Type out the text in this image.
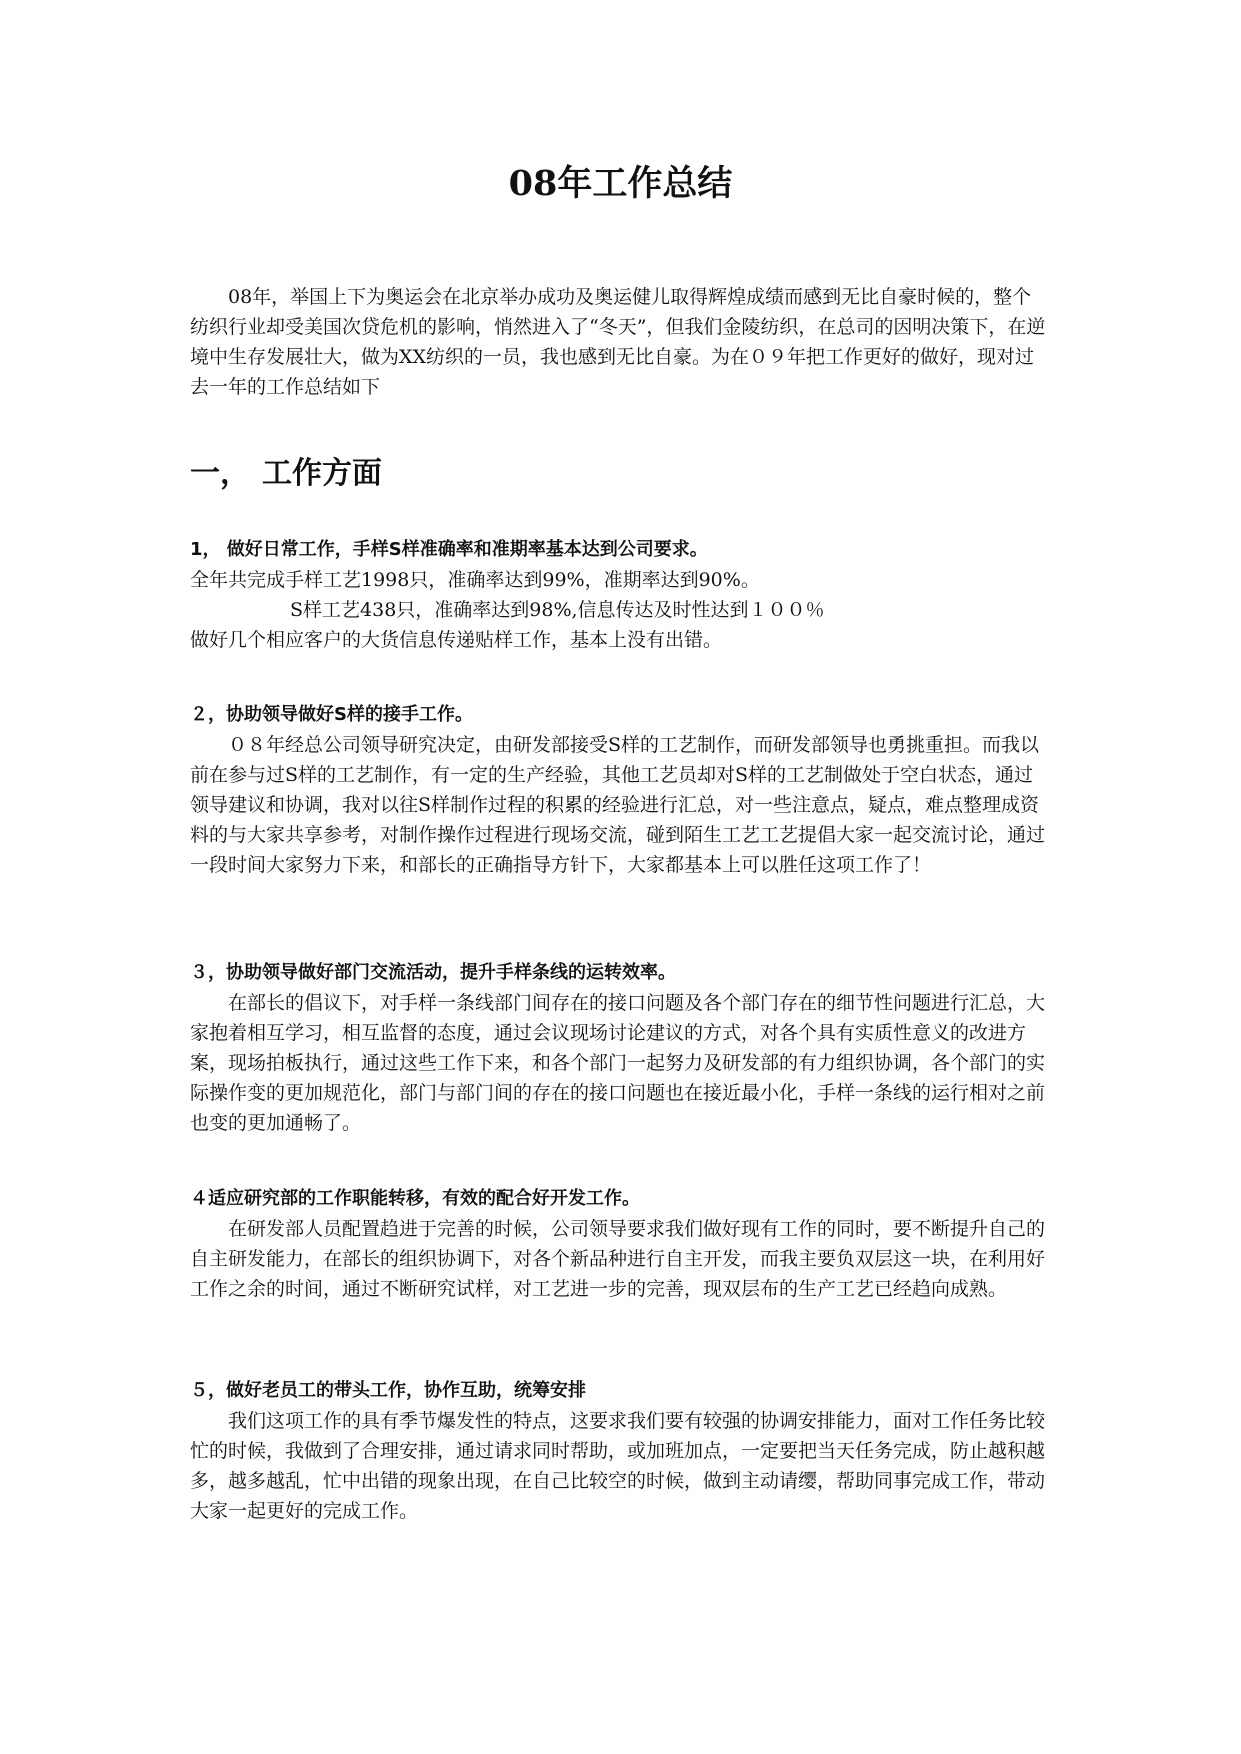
08年工作总结

08年，举国上下为奥运会在北京举办成功及奥运健儿取得辉煌成绩而感到无比自豪时候的，整个纺织行业却受美国次贷危机的影响，悄然进入了“冬天”，但我们金陵纺织，在总司的因明决策下，在逆境中生存发展壮大，做为XX纺织的一员，我也感到无比自豪。为在０９年把工作更好的做好，现对过去一年的工作总结如下

一， 工作方面

1， 做好日常工作，手样S样准确率和准期率基本达到公司要求。

全年共完成手样工艺1998只，准确率达到99%，准期率达到90%。

S样工艺438只，准确率达到98%,信息传达及时性达到１００％

做好几个相应客户的大货信息传递贴样工作，基本上没有出错。

２，协助领导做好S样的接手工作。

０８年经总公司领导研究决定，由研发部接受S样的工艺制作，而研发部领导也勇挑重担。而我以前在参与过S样的工艺制作，有一定的生产经验，其他工艺员却对S样的工艺制做处于空白状态，通过领导建议和协调，我对以往S样制作过程的积累的经验进行汇总，对一些注意点，疑点，难点整理成资料的与大家共享参考，对制作操作过程进行现场交流，碰到陌生工艺工艺提倡大家一起交流讨论，通过一段时间大家努力下来，和部长的正确指导方针下，大家都基本上可以胜任这项工作了！

３，协助领导做好部门交流活动，提升手样条线的运转效率。

在部长的倡议下，对手样一条线部门间存在的接口问题及各个部门存在的细节性问题进行汇总，大家抱着相互学习，相互监督的态度，通过会议现场讨论建议的方式，对各个具有实质性意义的改进方案，现场拍板执行，通过这些工作下来，和各个部门一起努力及研发部的有力组织协调，各个部门的实际操作变的更加规范化，部门与部门间的存在的接口问题也在接近最小化，手样一条线的运行相对之前也变的更加通畅了。

４适应研究部的工作职能转移，有效的配合好开发工作。

在研发部人员配置趋进于完善的时候，公司领导要求我们做好现有工作的同时，要不断提升自己的自主研发能力，在部长的组织协调下，对各个新品种进行自主开发，而我主要负双层这一块，在利用好工作之余的时间，通过不断研究试样，对工艺进一步的完善，现双层布的生产工艺已经趋向成熟。

５，做好老员工的带头工作，协作互助，统筹安排

我们这项工作的具有季节爆发性的特点，这要求我们要有较强的协调安排能力，面对工作任务比较忙的时候，我做到了合理安排，通过请求同时帮助，或加班加点，一定要把当天任务完成，防止越积越多，越多越乱，忙中出错的现象出现，在自己比较空的时候，做到主动请缨，帮助同事完成工作，带动大家一起更好的完成工作。
